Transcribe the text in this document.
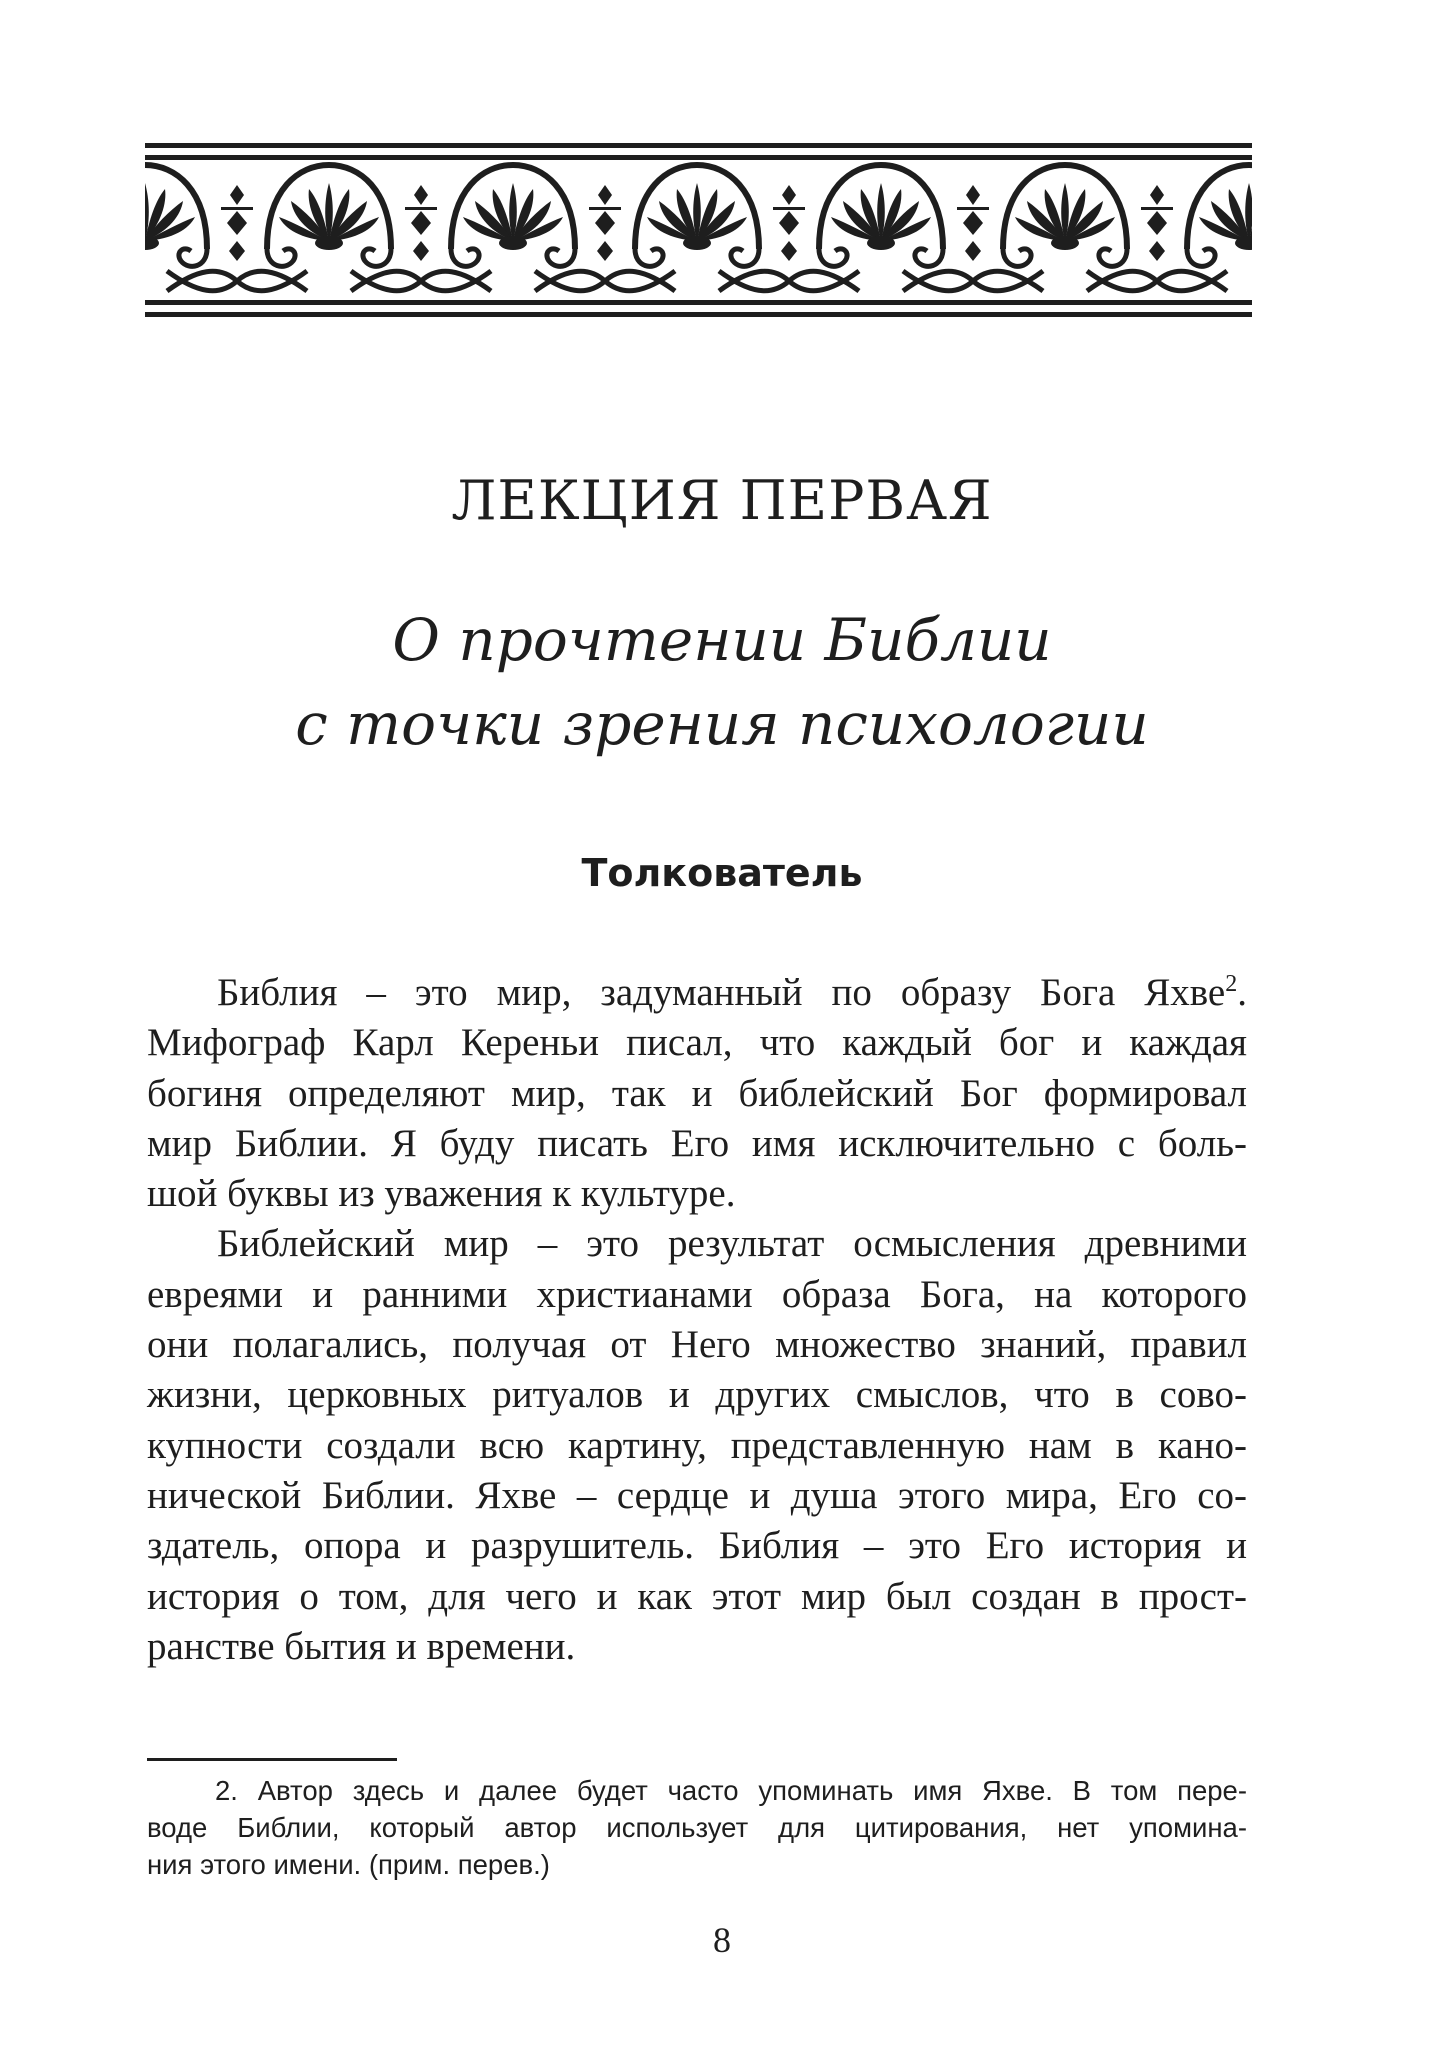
ЛЕКЦИЯ ПЕРВАЯ
О прочтении Библии
с точки зрения психологии
Толкователь
Библия – это мир, задуманный по образу Бога Яхве$^2$.
Мифограф Карл Кереньи писал, что каждый бог и каждая
богиня определяют мир, так и библейский Бог формировал
мир Библии. Я буду писать Его имя исключительно с боль-
шой буквы из уважения к культуре.
Библейский мир – это результат осмысления древними
евреями и ранними христианами образа Бога, на которого
они полагались, получая от Него множество знаний, правил
жизни, церковных ритуалов и других смыслов, что в сово-
купности создали всю картину, представленную нам в кано-
нической Библии. Яхве – сердце и душа этого мира, Его со-
здатель, опора и разрушитель. Библия – это Его история и
история о том, для чего и как этот мир был создан в прост-
ранстве бытия и времени.
2. Автор здесь и далее будет часто упоминать имя Яхве. В том пере-
воде Библии, который автор использует для цитирования, нет упомина-
ния этого имени. (прим. перев.)
8
